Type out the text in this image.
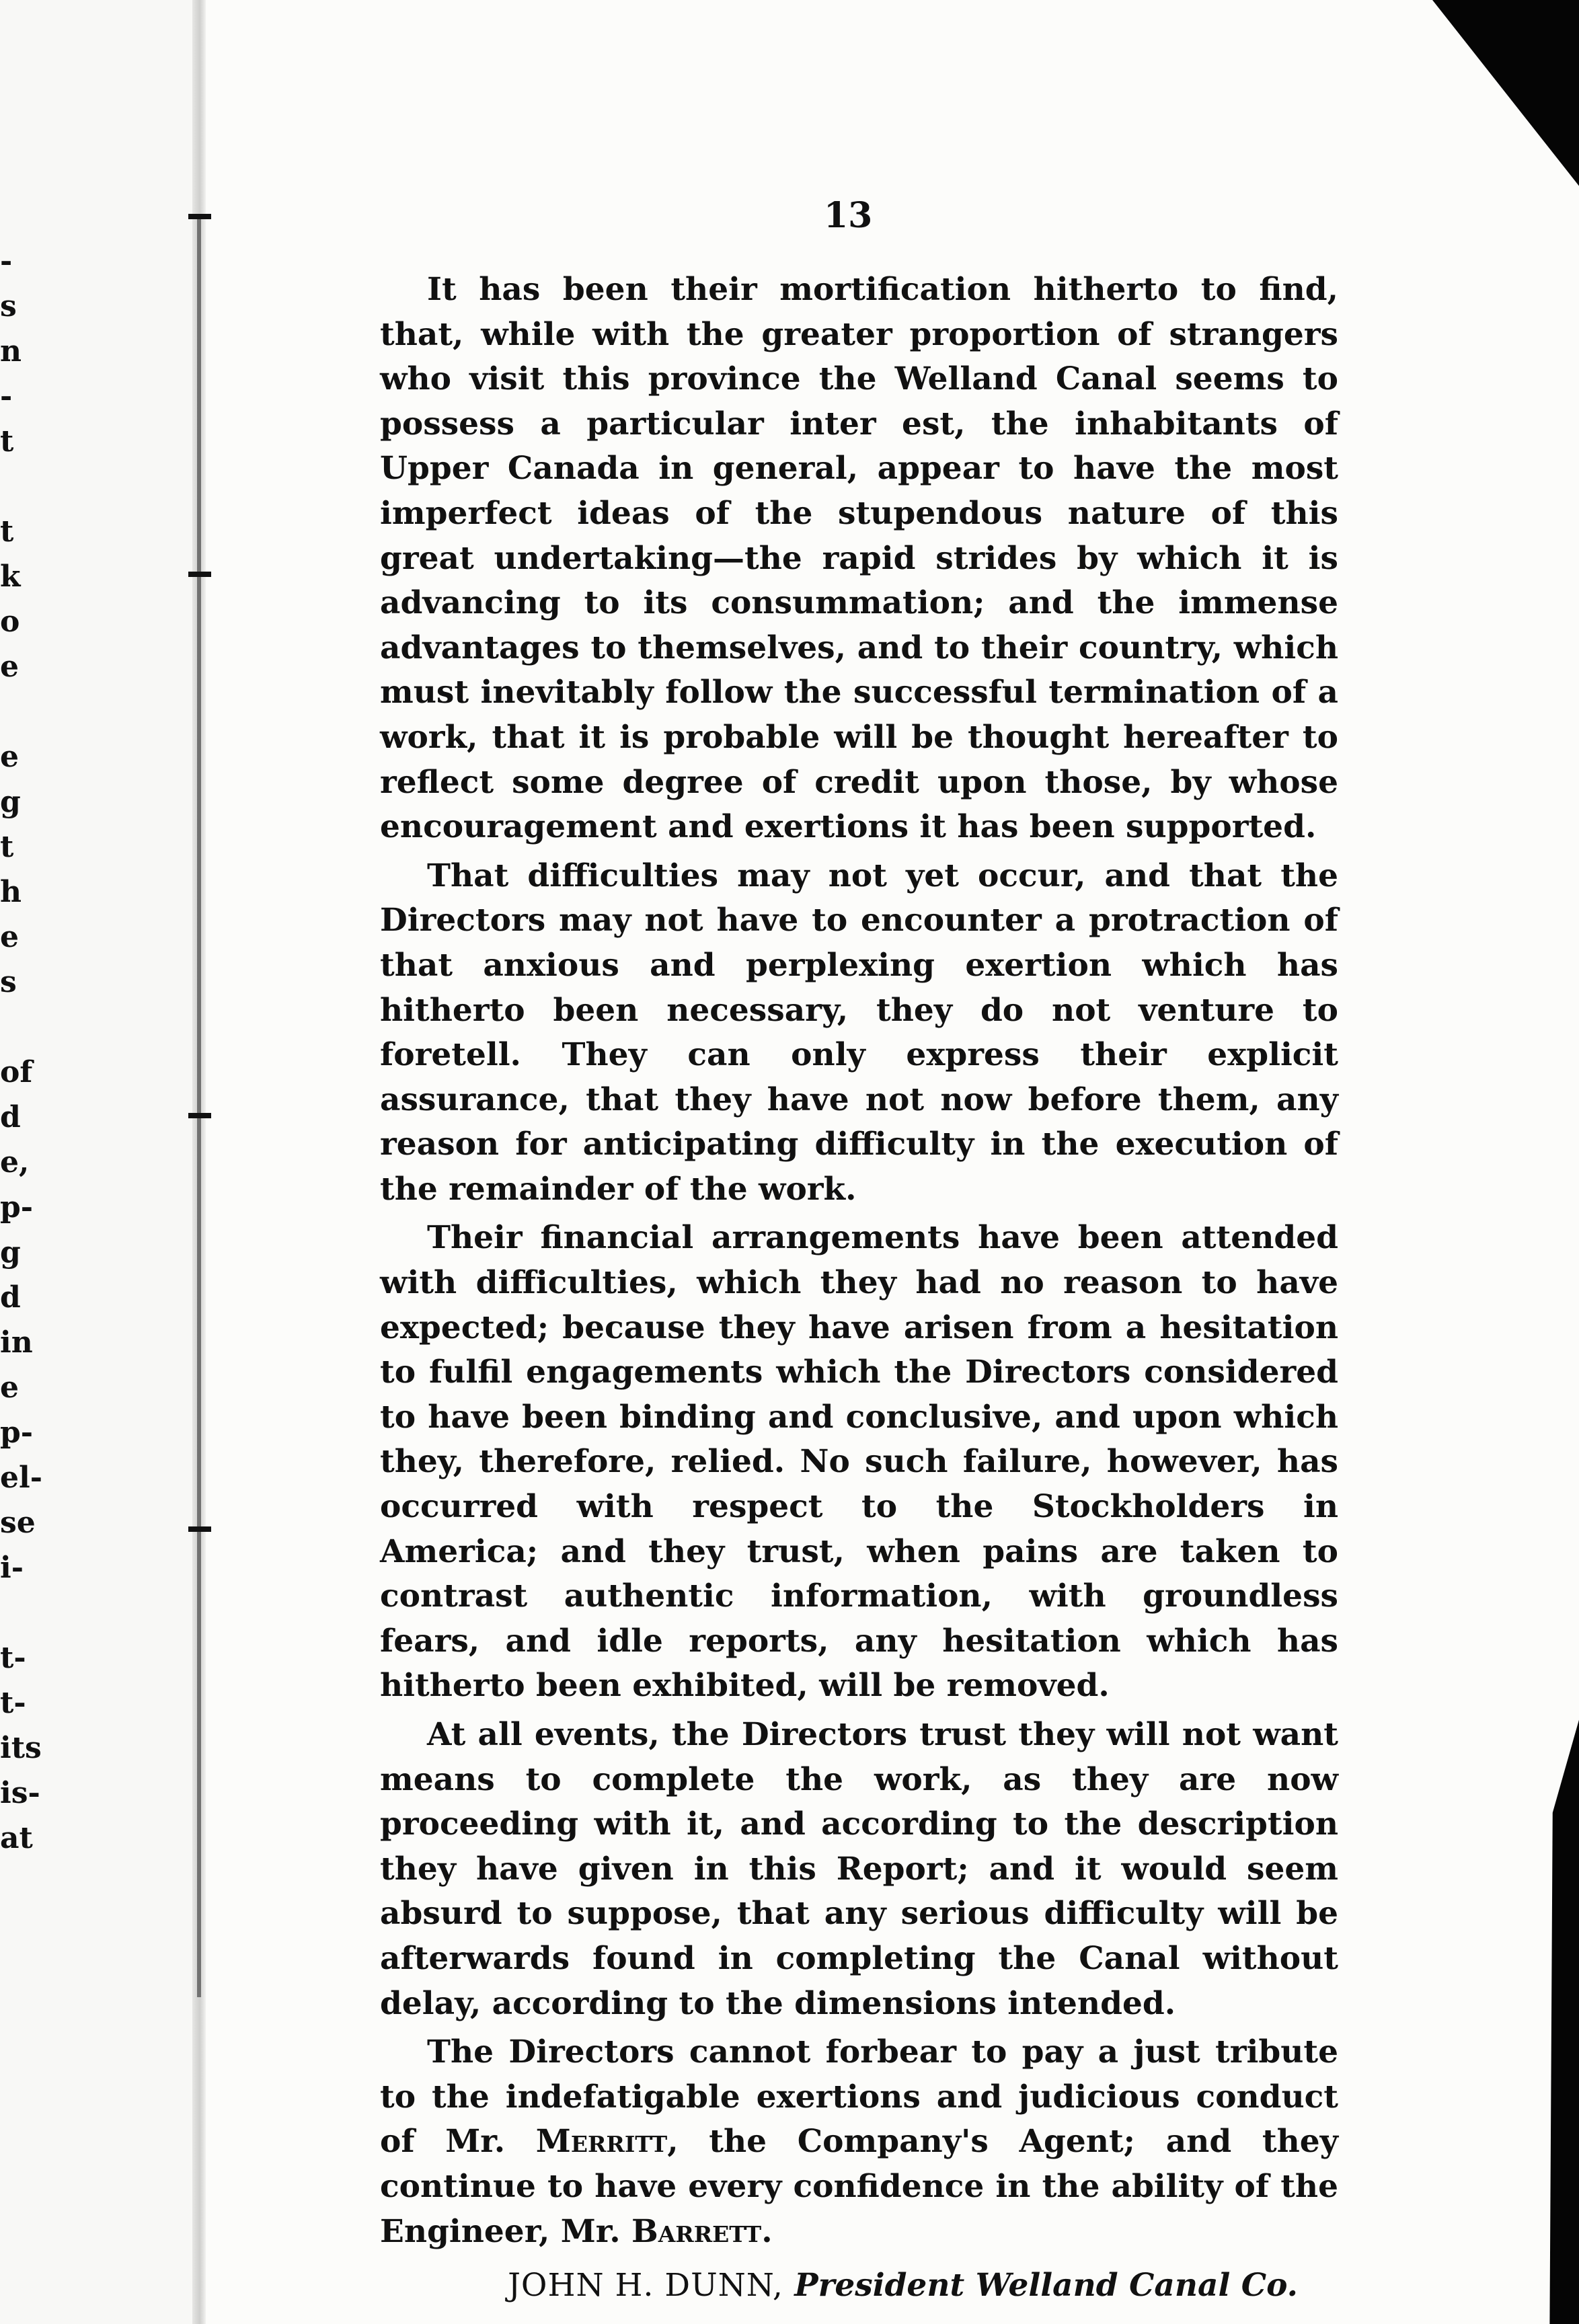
-
s
n
-
t
t
k
o
e
e
g
t
h
e
s
of
d
e,
p-
g
d
in
e
p-
el-
se
i-
t-
t-
its
is-
at
13

It has been their mortification hitherto to find, that, while with the greater proportion of strangers who visit this province the Welland Canal seems to possess a particular inter est, the inhabitants of Upper Canada in general, appear to have the most imperfect ideas of the stupendous nature of this great undertaking—the rapid strides by which it is advancing to its consummation; and the immense advantages to themselves, and to their country, which must inevitably follow the successful termination of a work, that it is probable will be thought hereafter to reflect some degree of credit upon those, by whose encouragement and exertions it has been supported.

That difficulties may not yet occur, and that the Directors may not have to encounter a protraction of that anxious and perplexing exertion which has hitherto been necessary, they do not venture to foretell. They can only express their explicit assurance, that they have not now before them, any reason for anticipating difficulty in the execution of the remainder of the work.

Their financial arrangements have been attended with difficulties, which they had no reason to have expected; because they have arisen from a hesitation to fulfil engagements which the Directors considered to have been binding and conclusive, and upon which they, therefore, relied. No such failure, however, has occurred with respect to the Stockholders in America; and they trust, when pains are taken to contrast authentic information, with groundless fears, and idle reports, any hesitation which has hitherto been exhibited, will be removed.

At all events, the Directors trust they will not want means to complete the work, as they are now proceeding with it, and according to the description they have given in this Report; and it would seem absurd to suppose, that any serious difficulty will be afterwards found in completing the Canal without delay, according to the dimensions intended.

The Directors cannot forbear to pay a just tribute to the indefatigable exertions and judicious conduct of Mr. Merritt, the Company's Agent; and they continue to have every confidence in the ability of the Engineer, Mr. Barrett.

JOHN H. DUNN, President Welland Canal Co.
